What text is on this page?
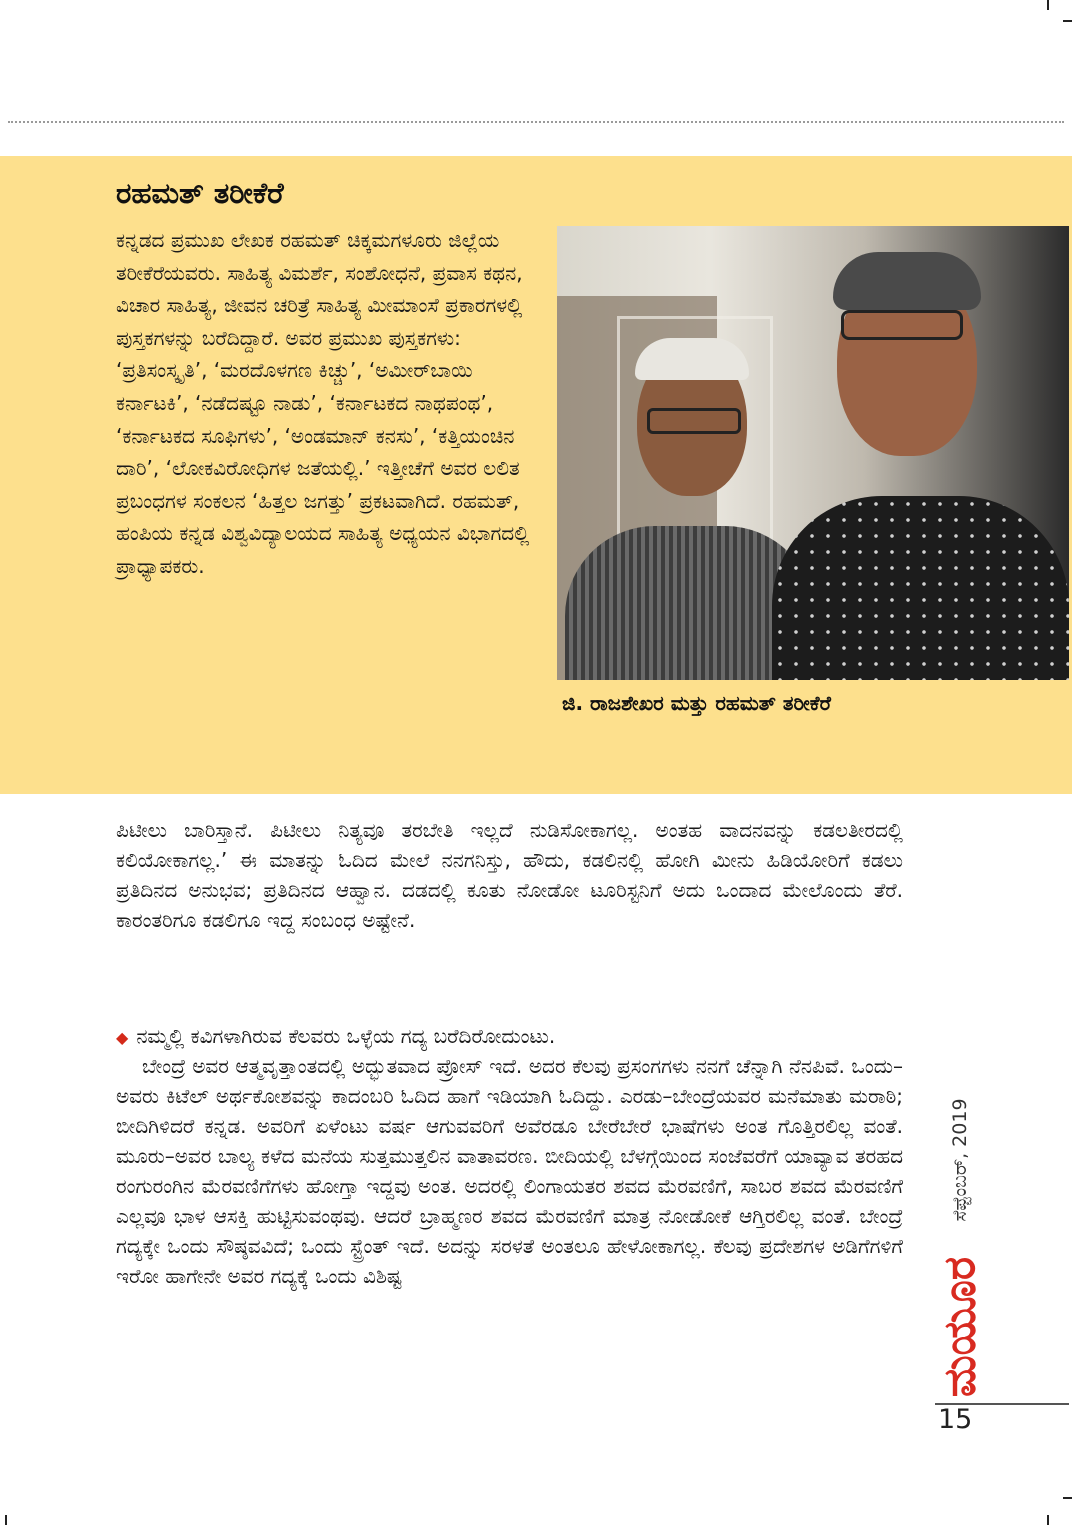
ರಹಮತ್ ತರೀಕೆರೆ

ಕನ್ನಡದ ಪ್ರಮುಖ ಲೇಖಕ ರಹಮತ್ ಚಿಕ್ಕಮಗಳೂರು ಜಿಲ್ಲೆಯ ತರೀಕೆರೆಯವರು. ಸಾಹಿತ್ಯ ವಿಮರ್ಶೆ, ಸಂಶೋಧನೆ, ಪ್ರವಾಸ ಕಥನ, ವಿಚಾರ ಸಾಹಿತ್ಯ, ಜೀವನ ಚರಿತ್ರೆ ಸಾಹಿತ್ಯ ಮೀಮಾಂಸೆ ಪ್ರಕಾರಗಳಲ್ಲಿ ಪುಸ್ತಕಗಳನ್ನು ಬರೆದಿದ್ದಾರೆ. ಅವರ ಪ್ರಮುಖ ಪುಸ್ತಕಗಳು: ‘ಪ್ರತಿಸಂಸ್ಕೃತಿ’, ‘ಮರದೊಳಗಣ ಕಿಚ್ಚು’, ‘ಅಮೀರ್‌ಬಾಯಿ ಕರ್ನಾಟಕಿ’, ‘ನಡೆದಷ್ಟೂ ನಾಡು’, ‘ಕರ್ನಾಟಕದ ನಾಥಪಂಥ’, ‘ಕರ್ನಾಟಕದ ಸೂಫಿಗಳು’, ‘ಅಂಡಮಾನ್ ಕನಸು’, ‘ಕತ್ತಿಯಂಚಿನ ದಾರಿ’, ‘ಲೋಕವಿರೋಧಿಗಳ ಜತೆಯಲ್ಲಿ.’ ಇತ್ತೀಚೆಗೆ ಅವರ ಲಲಿತ ಪ್ರಬಂಧಗಳ ಸಂಕಲನ ‘ಹಿತ್ತಲ ಜಗತ್ತು’ ಪ್ರಕಟವಾಗಿದೆ. ರಹಮತ್, ಹಂಪಿಯ ಕನ್ನಡ ವಿಶ್ವವಿದ್ಯಾಲಯದ ಸಾಹಿತ್ಯ ಅಧ್ಯಯನ ವಿಭಾಗದಲ್ಲಿ ಪ್ರಾಧ್ಯಾಪಕರು.

ಜಿ. ರಾಜಶೇಖರ ಮತ್ತು ರಹಮತ್ ತರೀಕೆರೆ

ಪಿಟೀಲು ಬಾರಿಸ್ತಾನೆ. ಪಿಟೀಲು ನಿತ್ಯವೂ ತರಬೇತಿ ಇಲ್ಲದೆ ನುಡಿಸೋಕಾಗಲ್ಲ. ಅಂತಹ ವಾದನವನ್ನು ಕಡಲತೀರದಲ್ಲಿ ಕಲಿಯೋಕಾಗಲ್ಲ.’ ಈ ಮಾತನ್ನು ಓದಿದ ಮೇಲೆ ನನಗನಿಸ್ತು, ಹೌದು, ಕಡಲಿನಲ್ಲಿ ಹೋಗಿ ಮೀನು ಹಿಡಿಯೋರಿಗೆ ಕಡಲು ಪ್ರತಿದಿನದ ಅನುಭವ; ಪ್ರತಿದಿನದ ಆಹ್ವಾನ. ದಡದಲ್ಲಿ ಕೂತು ನೋಡೋ ಟೂರಿಸ್ಟನಿಗೆ ಅದು ಒಂದಾದ ಮೇಲೊಂದು ತೆರೆ. ಕಾರಂತರಿಗೂ ಕಡಲಿಗೂ ಇದ್ದ ಸಂಬಂಧ ಅಷ್ಟೇನೆ.

◆ ನಮ್ಮಲ್ಲಿ ಕವಿಗಳಾಗಿರುವ ಕೆಲವರು ಒಳ್ಳೆಯ ಗದ್ಯ ಬರೆದಿರೋದುಂಟು.

ಬೇಂದ್ರೆ ಅವರ ಆತ್ಮವೃತ್ತಾಂತದಲ್ಲಿ ಅದ್ಭುತವಾದ ಪ್ರೋಸ್ ಇದೆ. ಅದರ ಕೆಲವು ಪ್ರಸಂಗಗಳು ನನಗೆ ಚೆನ್ನಾಗಿ ನೆನಪಿವೆ. ಒಂದು–ಅವರು ಕಿಟೆಲ್ ಅರ್ಥಕೋಶವನ್ನು ಕಾದಂಬರಿ ಓದಿದ ಹಾಗೆ ಇಡಿಯಾಗಿ ಓದಿದ್ದು. ಎರಡು–ಬೇಂದ್ರೆಯವರ ಮನೆಮಾತು ಮರಾಠಿ; ಬೀದಿಗಿಳಿದರೆ ಕನ್ನಡ. ಅವರಿಗೆ ಏಳೆಂಟು ವರ್ಷ ಆಗುವವರಿಗೆ ಅವೆರಡೂ ಬೇರೆಬೇರೆ ಭಾಷೆಗಳು ಅಂತ ಗೊತ್ತಿರಲಿಲ್ಲ ವಂತೆ. ಮೂರು–ಅವರ ಬಾಲ್ಯ ಕಳೆದ ಮನೆಯ ಸುತ್ತಮುತ್ತಲಿನ ವಾತಾವರಣ. ಬೀದಿಯಲ್ಲಿ ಬೆಳಗ್ಗೆಯಿಂದ ಸಂಜೆವರೆಗೆ ಯಾವ್ಯಾವ ತರಹದ ರಂಗುರಂಗಿನ ಮೆರವಣಿಗೆಗಳು ಹೋಗ್ತಾ ಇದ್ದವು ಅಂತ. ಅದರಲ್ಲಿ ಲಿಂಗಾಯತರ ಶವದ ಮೆರವಣಿಗೆ, ಸಾಬರ ಶವದ ಮೆರವಣಿಗೆ ಎಲ್ಲವೂ ಭಾಳ ಆಸಕ್ತಿ ಹುಟ್ಟಿಸುವಂಥವು. ಆದರೆ ಬ್ರಾಹ್ಮಣರ ಶವದ ಮೆರವಣಿಗೆ ಮಾತ್ರ ನೋಡೋಕೆ ಆಗ್ತಿರಲಿಲ್ಲ ವಂತೆ. ಬೇಂದ್ರೆ ಗದ್ಯಕ್ಕೇ ಒಂದು ಸೌಷ್ಠವವಿದೆ; ಒಂದು ಸ್ಟ್ರೆಂತ್ ಇದೆ. ಅದನ್ನು ಸರಳತೆ ಅಂತಲೂ ಹೇಳೋಕಾಗಲ್ಲ. ಕೆಲವು ಪ್ರದೇಶಗಳ ಅಡಿಗೆಗಳಿಗೆ ಇರೋ ಹಾಗೇನೇ ಅವರ ಗದ್ಯಕ್ಕೆ ಒಂದು ವಿಶಿಷ್ಟ

ಸೆಪ್ಟೆಂಬರ್, 2019
ಮಯೂರ
15
